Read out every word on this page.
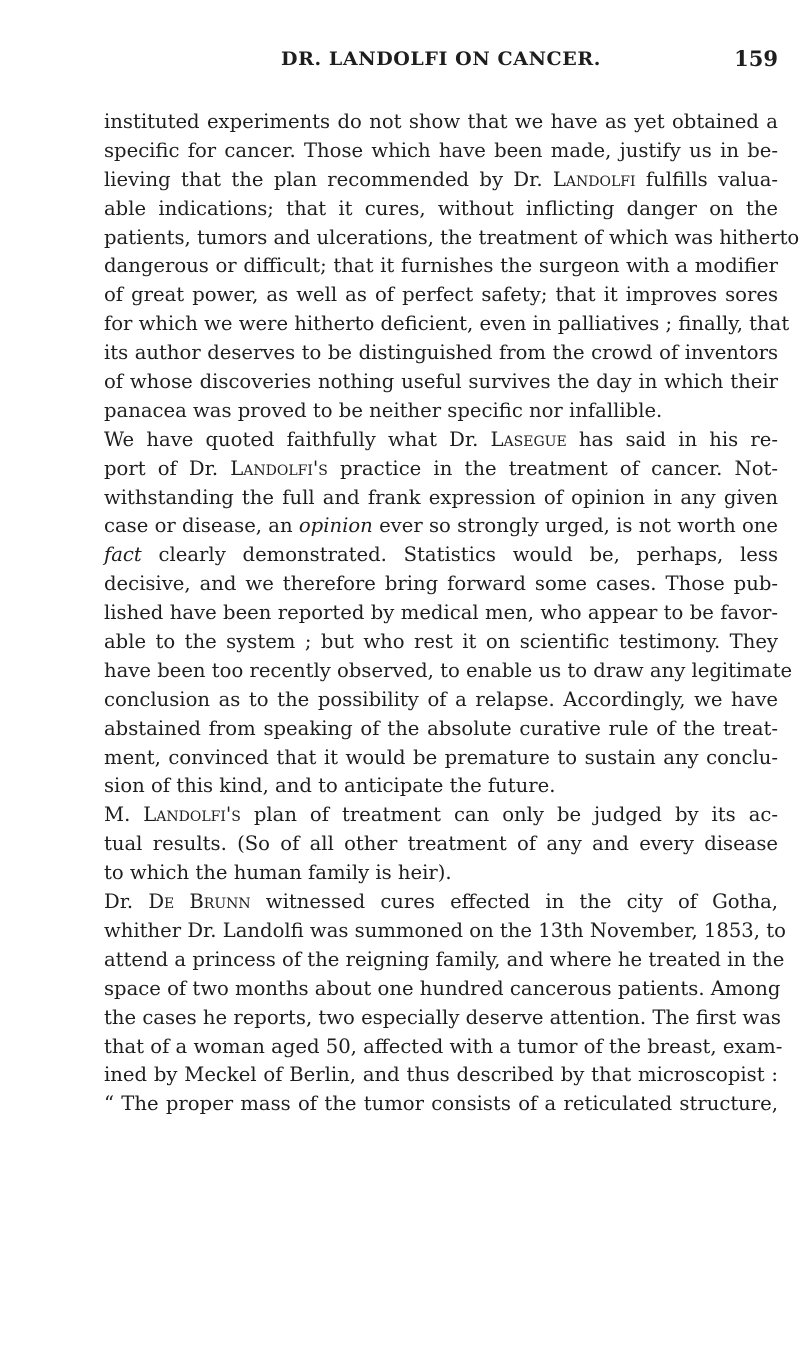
DR. LANDOLFI ON CANCER.	159
instituted experiments do not show that we have as yet obtained a
specific for cancer. Those which have been made, justify us in be-
lieving that the plan recommended by Dr. Landolfi fulfills valua-
able indications; that it cures, without inflicting danger on the
patients, tumors and ulcerations, the treatment of which was hitherto
dangerous or difficult; that it furnishes the surgeon with a modifier
of great power, as well as of perfect safety; that it improves sores
for which we were hitherto deficient, even in palliatives ; finally, that
its author deserves to be distinguished from the crowd of inventors
of whose discoveries nothing useful survives the day in which their
panacea was proved to be neither specific nor infallible.
We have quoted faithfully what Dr. Lasegue has said in his re-
port of Dr. Landolfi's practice in the treatment of cancer. Not-
withstanding the full and frank expression of opinion in any given
case or disease, an opinion ever so strongly urged, is not worth one
fact clearly demonstrated. Statistics would be, perhaps, less
decisive, and we therefore bring forward some cases. Those pub-
lished have been reported by medical men, who appear to be favor-
able to the system ; but who rest it on scientific testimony. They
have been too recently observed, to enable us to draw any legitimate
conclusion as to the possibility of a relapse. Accordingly, we have
abstained from speaking of the absolute curative rule of the treat-
ment, convinced that it would be premature to sustain any conclu-
sion of this kind, and to anticipate the future.
M. Landolfi's plan of treatment can only be judged by its ac-
tual results. (So of all other treatment of any and every disease
to which the human family is heir).
Dr. De Brunn witnessed cures effected in the city of Gotha,
whither Dr. Landolfi was summoned on the 13th November, 1853, to
attend a princess of the reigning family, and where he treated in the
space of two months about one hundred cancerous patients. Among
the cases he reports, two especially deserve attention. The first was
that of a woman aged 50, affected with a tumor of the breast, exam-
ined by Meckel of Berlin, and thus described by that microscopist :
“ The proper mass of the tumor consists of a reticulated structure,
